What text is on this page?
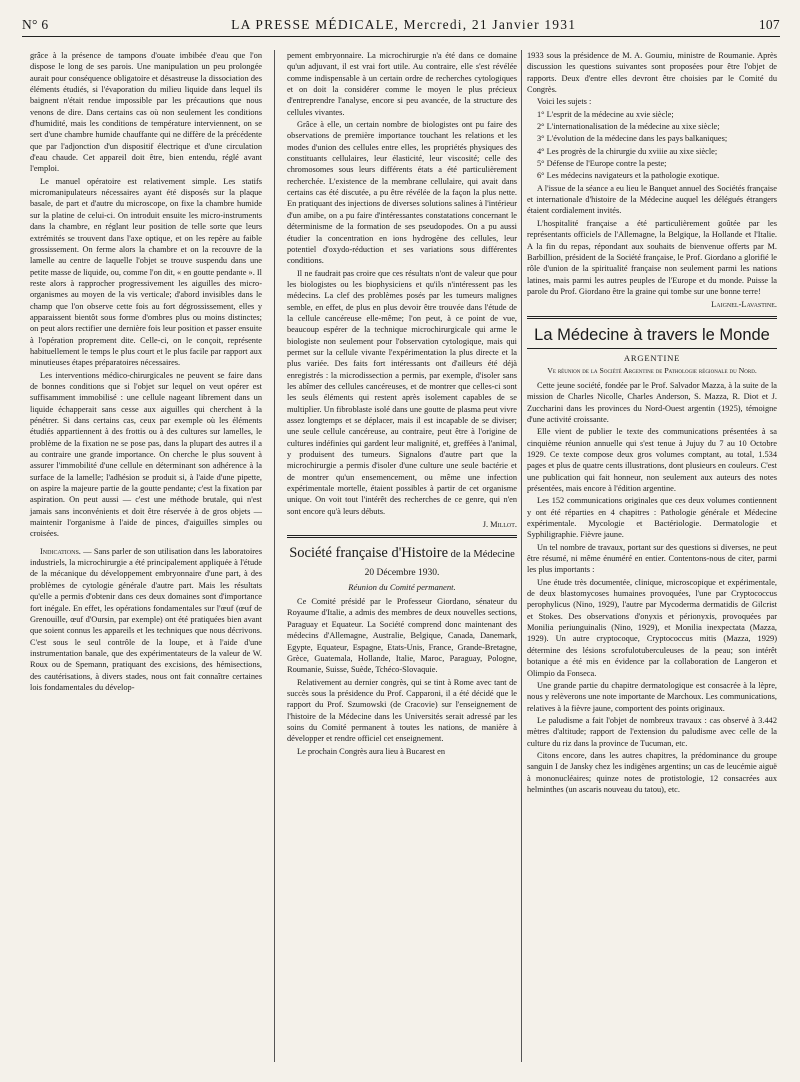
N° 6	LA PRESSE MÉDICALE, Mercredi, 21 Janvier 1931	107

grâce à la présence de tampons d'ouate imbibée d'eau que l'on dispose le long de ses parois. Une manipulation un peu prolongée aurait pour conséquence obligatoire et désastreuse la dissociation des éléments étudiés, si l'évaporation du milieu liquide dans lequel ils baignent n'était rendue impossible par les précautions que nous venons de dire. Dans certains cas où non seulement les conditions d'humidité, mais les conditions de température interviennent, on se sert d'une chambre humide chauffante qui ne diffère de la précédente que par l'adjonction d'un dispositif électrique et d'une circulation d'eau chaude. Cet appareil doit être, bien entendu, réglé avant l'emploi.

Le manuel opératoire est relativement simple. Les statifs micromanipulateurs nécessaires ayant été disposés sur la plaque basale, de part et d'autre du microscope, on fixe la chambre humide sur la platine de celui-ci. On introduit ensuite les micro-instruments dans la chambre, en réglant leur position de telle sorte que leurs extrémités se trouvent dans l'axe optique, et on les repère au faible grossissement. On ferme alors la chambre et on la recouvre de la lamelle au centre de laquelle l'objet se trouve suspendu dans une petite masse de liquide, ou, comme l'on dit, « en goutte pendante ». Il reste alors à rapprocher progressivement les aiguilles des micro-organismes au moyen de la vis verticale; d'abord invisibles dans le champ que l'on observe cette fois au fort dégrossissement, elles y apparaissent bientôt sous forme d'ombres plus ou moins distinctes; on peut alors rectifier une dernière fois leur position et passer ensuite à l'opération proprement dite. Celle-ci, on le conçoit, représente habituellement le temps le plus court et le plus facile par rapport aux minutieuses étapes préparatoires nécessaires.

Les interventions médico-chirurgicales ne peuvent se faire dans de bonnes conditions que si l'objet sur lequel on veut opérer est suffisamment immobilisé : une cellule nageant librement dans un liquide échapperait sans cesse aux aiguilles qui cherchent à la pénétrer. Si dans certains cas, ceux par exemple où les éléments étudiés appartiennent à des frottis ou à des cultures sur lamelles, le problème de la fixation ne se pose pas, dans la plupart des autres il a au contraire une grande importance. On cherche le plus souvent à assurer l'immobilité d'une cellule en déterminant son adhérence à la surface de la lamelle; l'adhésion se produit si, à l'aide d'une pipette, on aspire la majeure partie de la goutte pendante; c'est la fixation par aspiration. On peut aussi — c'est une méthode brutale, qui n'est jamais sans inconvénients et doit être réservée à de gros objets — maintenir l'organisme à l'aide de pinces, d'aiguilles simples ou croisées.

Indications. — Sans parler de son utilisation dans les laboratoires industriels, la microchirurgie a été principalement appliquée à l'étude de la mécanique du développement embryonnaire d'une part, à des problèmes de cytologie générale d'autre part. Mais les résultats qu'elle a permis d'obtenir dans ces deux domaines sont d'importance fort inégale. En effet, les opérations fondamentales sur l'œuf (œuf de Grenouille, œuf d'Oursin, par exemple) ont été pratiquées bien avant que soient connus les appareils et les techniques que nous décrivons. C'est sous le seul contrôle de la loupe, et à l'aide d'une instrumentation banale, que des expérimentateurs de la valeur de W. Roux ou de Spemann, pratiquant des excisions, des hémisections, des cautérisations, à divers stades, nous ont fait connaître certaines lois fondamentales du dévelop-

pement embryonnaire. La microchirurgie n'a été dans ce domaine qu'un adjuvant, il est vrai fort utile. Au contraire, elle s'est révélée comme indispensable à un certain ordre de recherches cytologiques et on doit la considérer comme le moyen le plus précieux d'entreprendre l'analyse, encore si peu avancée, de la structure des cellules vivantes.

Grâce à elle, un certain nombre de biologistes ont pu faire des observations de première importance touchant les relations et les modes d'union des cellules entre elles, les propriétés physiques des constituants cellulaires, leur élasticité, leur viscosité; celle des chromosomes sous leurs différents états a été particulièrement recherchée. L'existence de la membrane cellulaire, qui avait dans certains cas été discutée, a pu être révélée de la façon la plus nette. En pratiquant des injections de diverses solutions salines à l'intérieur d'un amibe, on a pu faire d'intéressantes constatations concernant le déterminisme de la formation de ses pseudopodes. On a pu aussi étudier la concentration en ions hydrogène des cellules, leur potentiel d'oxydo-réduction et ses variations sous différentes conditions.

Il ne faudrait pas croire que ces résultats n'ont de valeur que pour les biologistes ou les biophysiciens et qu'ils n'intéressent pas les médecins. La clef des problèmes posés par les tumeurs malignes semble, en effet, de plus en plus devoir être trouvée dans l'étude de la cellule cancéreuse elle-même; l'on peut, à ce point de vue, beaucoup espérer de la technique microchirurgicale qui arme le biologiste non seulement pour l'observation cytologique, mais qui permet sur la cellule vivante l'expérimentation la plus directe et la plus variée. Des faits fort intéressants ont d'ailleurs été déjà enregistrés : la microdissection a permis, par exemple, d'isoler sans les abîmer des cellules cancéreuses, et de montrer que celles-ci sont les seuls éléments qui restent après isolement capables de se multiplier. Un fibroblaste isolé dans une goutte de plasma peut vivre assez longtemps et se déplacer, mais il est incapable de se diviser; une seule cellule cancéreuse, au contraire, peut être à l'origine de cultures indéfinies qui gardent leur malignité, et, greffées à l'animal, y produisent des tumeurs. Signalons d'autre part que la microchirurgie a permis d'isoler d'une culture une seule bactérie et de montrer qu'un ensemencement, ou même une infection expérimentale mortelle, étaient possibles à partir de cet organisme unique. On voit tout l'intérêt des recherches de ce genre, qui n'en sont encore qu'à leurs débuts.

J. Millot.
Société française d'Histoire de la Médecine
20 Décembre 1930.
Réunion du Comité permanent.

Ce Comité présidé par le Professeur Giordano, sénateur du Royaume d'Italie, a admis des membres de deux nouvelles sections, Paraguay et Equateur. La Société comprend donc maintenant des médecins d'Allemagne, Australie, Belgique, Canada, Danemark, Egypte, Equateur, Espagne, Etats-Unis, France, Grande-Bretagne, Grèce, Guatemala, Hollande, Italie, Maroc, Paraguay, Pologne, Roumanie, Suisse, Suède, Tchéco-Slovaquie.

Relativement au dernier congrès, qui se tint à Rome avec tant de succès sous la présidence du Prof. Capparoni, il a été décidé que le rapport du Prof. Szumowski (de Cracovie) sur l'enseignement de l'histoire de la Médecine dans les Universités serait adressé par les soins du Comité permanent à toutes les nations, de manière à développer et rendre officiel cet enseignement.

Le prochain Congrès aura lieu à Bucarest en

1933 sous la présidence de M. A. Goumiu, ministre de Roumanie. Après discussion les questions suivantes sont proposées pour être l'objet de rapports. Deux d'entre elles devront être choisies par le Comité du Congrès.

Voici les sujets :

1° L'esprit de la médecine au xvie siècle;

2° L'internationalisation de la médecine au xixe siècle;

3° L'évolution de la médecine dans les pays balkaniques;

4° Les progrès de la chirurgie du xviiie au xixe siècle;

5° Défense de l'Europe contre la peste;

6° Les médecins navigateurs et la pathologie exotique.

A l'issue de la séance a eu lieu le Banquet annuel des Sociétés française et internationale d'histoire de la Médecine auquel les délégués étrangers étaient cordialement invités.

L'hospitalité française a été particulièrement goûtée par les représentants officiels de l'Allemagne, la Belgique, la Hollande et l'Italie. A la fin du repas, répondant aux souhaits de bienvenue offerts par M. Barbillion, président de la Société française, le Prof. Giordano a glorifié le rôle d'union de la spiritualité française non seulement parmi les nations latines, mais parmi les autres peuples de l'Europe et du monde. Puisse la parole du Prof. Giordano être la graine qui tombe sur une bonne terre!

Laignel-Lavastine.
La Médecine à travers le Monde
ARGENTINE
Ve réunion de la Société Argentine de Pathologie régionale du Nord.

Cette jeune société, fondée par le Prof. Salvador Mazza, à la suite de la mission de Charles Nicolle, Charles Anderson, S. Mazza, R. Diot et J. Zuccharini dans les provinces du Nord-Ouest argentin (1925), témoigne d'une activité croissante.

Elle vient de publier le texte des communications présentées à sa cinquième réunion annuelle qui s'est tenue à Jujuy du 7 au 10 Octobre 1929. Ce texte compose deux gros volumes comptant, au total, 1.534 pages et plus de quatre cents illustrations, dont plusieurs en couleurs. C'est une publication qui fait honneur, non seulement aux auteurs des notes présentées, mais encore à l'édition argentine.

Les 152 communications originales que ces deux volumes contiennent y ont été réparties en 4 chapitres : Pathologie générale et Médecine expérimentale. Mycologie et Bactériologie. Dermatologie et Syphiligraphie. Fièvre jaune.

Un tel nombre de travaux, portant sur des questions si diverses, ne peut être résumé, ni même énuméré en entier. Contentons-nous de citer, parmi les plus importants :

Une étude très documentée, clinique, microscopique et expérimentale, de deux blastomycoses humaines provoquées, l'une par Cryptococcus perophylicus (Nino, 1929), l'autre par Mycoderma dermatidis de Gilcrist et Stokes. Des observations d'onyxis et périonyxis, provoquées par Monilia periunguinalis (Nino, 1929), et Monilia inexpectata (Mazza, 1929). Un autre cryptocoque, Cryptococcus mitis (Mazza, 1929) détermine des lésions scrofulotuberculeuses de la peau; son intérêt botanique a été mis en évidence par la collaboration de Langeron et Olimpio da Fonseca.

Une grande partie du chapitre dermatologique est consacrée à la lèpre, nous y relèverons une note importante de Marchoux. Les communications, relatives à la fièvre jaune, comportent des points originaux.

Le paludisme a fait l'objet de nombreux travaux : cas observé à 3.442 mètres d'altitude; rapport de l'extension du paludisme avec celle de la culture du riz dans la province de Tucuman, etc.

Citons encore, dans les autres chapitres, la prédominance du groupe sanguin I de Jansky chez les indigènes argentins; un cas de leucémie aiguë à mononucléaires; quinze notes de protistologie, 12 consacrées aux helminthes (un ascaris nouveau du tatou), etc.
